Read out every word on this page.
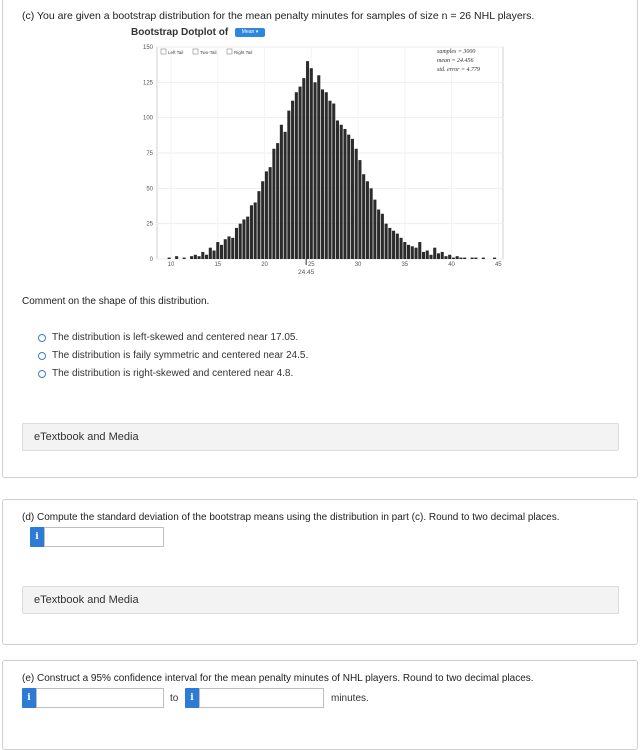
(c) You are given a bootstrap distribution for the mean penalty minutes for samples of size n = 26 NHL players.
Bootstrap Dotplot of	Mean ▾
0
25
50
75
100
125
150
10	15	20	25	30	35	40	45
Left Tail	Two-Tail	Right Tail	samples = 3000
mean = 24.456
std. error = 4.779
24.45
Comment on the shape of this distribution.
The distribution is left-skewed and centered near 17.05.
The distribution is faily symmetric and centered near 24.5.
The distribution is right-skewed and centered near 4.8.
eTextbook and Media
(d) Compute the standard deviation of the bootstrap means using the distribution in part (c). Round to two decimal places.
i
eTextbook and Media
(e) Construct a 95% confidence interval for the mean penalty minutes of NHL players. Round to two decimal places.
i	to	i	minutes.
